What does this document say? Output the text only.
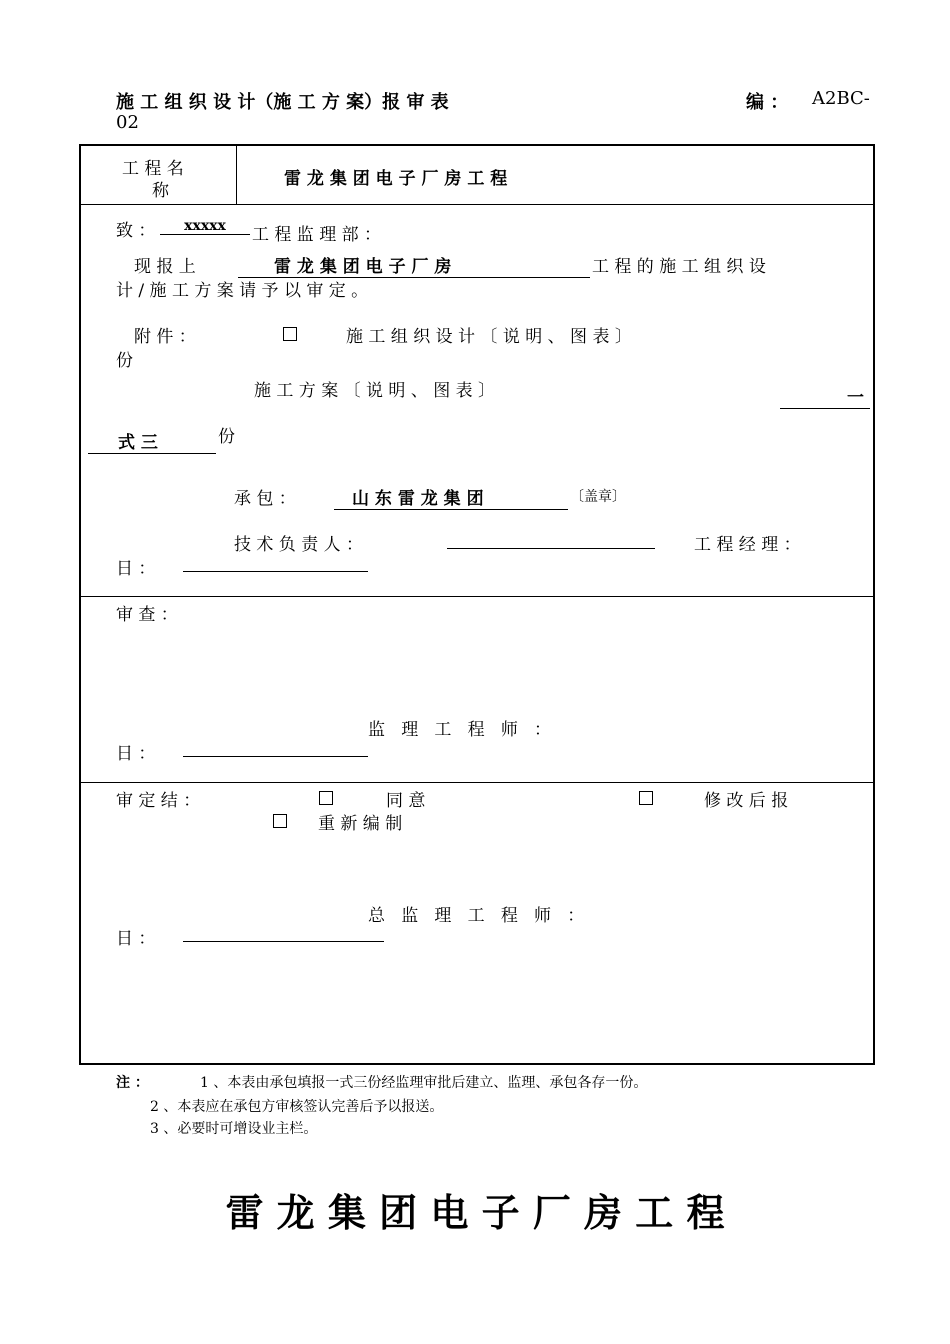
施 工 组 织 设 计（施 工 方 案）报 审 表	编 ： A2BC-
02
工 程 名
称
雷 龙 集 团 电 子 厂 房 工 程
致 ：	xxxxx	工 程 监 理 部 ：
现 报 上	雷 龙 集 团 电 子 厂 房	工 程 的 施 工 组 织 设
计 / 施 工 方 案 请 予 以 审 定 。
附 件 ：	施 工 组 织 设 计 〔 说 明 、 图 表 〕
份
施 工 方 案 〔 说 明 、 图 表 〕	一
式 三	份
承 包 ：	山 东 雷 龙 集 团	〔盖章〕
技 术 负 责 人 ：	工 程 经 理 ：
日 ：
审 查 ：
监   理   工   程   师   ：
日 ：
审 定 结 ：	同 意	修 改 后 报
重 新 编 制
总   监   理   工   程   师   ：
日 ：
注 ：	1 、本表由承包填报一式三份经监理审批后建立、监理、承包各存一份。
2 、本表应在承包方审核签认完善后予以报送。
3 、必要时可增设业主栏。
雷 龙 集 团 电 子 厂 房 工 程
